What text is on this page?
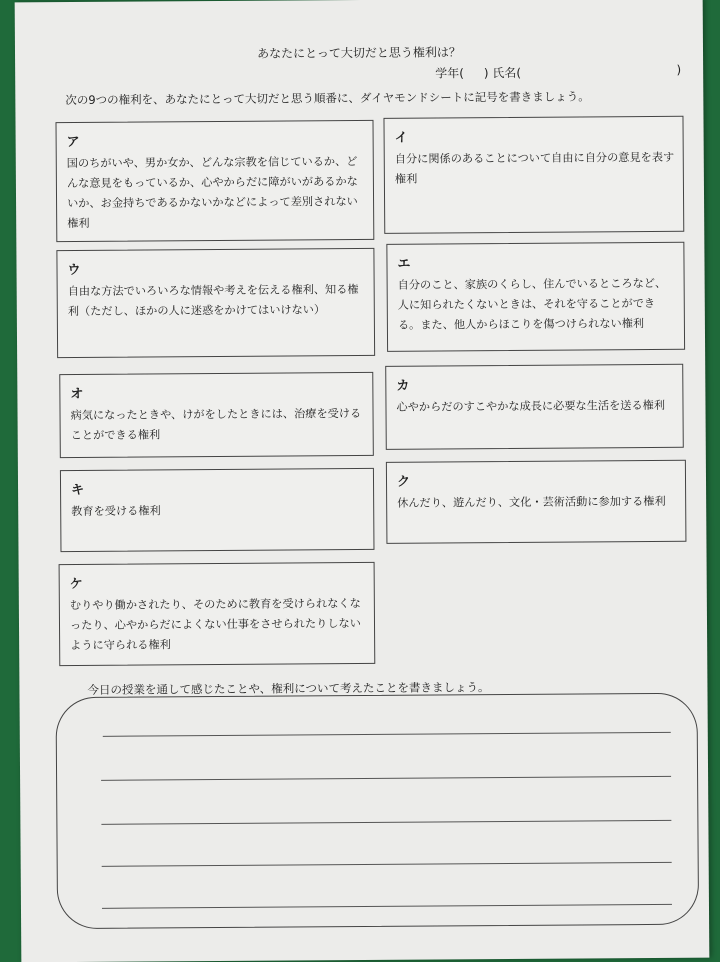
あなたにとって大切だと思う権利は？
学年( ) 氏名(	)
次の9つの権利を、あなたにとって大切だと思う順番に、ダイヤモンドシートに記号を書きましょう。
ア
国のちがいや、男か女か、どんな宗教を信じているか、どんな意見をもっているか、心やからだに障がいがあるかないか、お金持ちであるかないかなどによって差別されない権利
イ
自分に関係のあることについて自由に自分の意見を表す権利
ウ
自由な方法でいろいろな情報や考えを伝える権利、知る権利（ただし、ほかの人に迷惑をかけてはいけない）
エ
自分のこと、家族のくらし、住んでいるところなど、人に知られたくないときは、それを守ることができる。また、他人からほこりを傷つけられない権利
オ
病気になったときや、けがをしたときには、治療を受けることができる権利
カ
心やからだのすこやかな成長に必要な生活を送る権利
キ
教育を受ける権利
ク
休んだり、遊んだり、文化・芸術活動に参加する権利
ケ
むりやり働かされたり、そのために教育を受けられなくなったり、心やからだによくない仕事をさせられたりしないように守られる権利
今日の授業を通して感じたことや、権利について考えたことを書きましょう。
